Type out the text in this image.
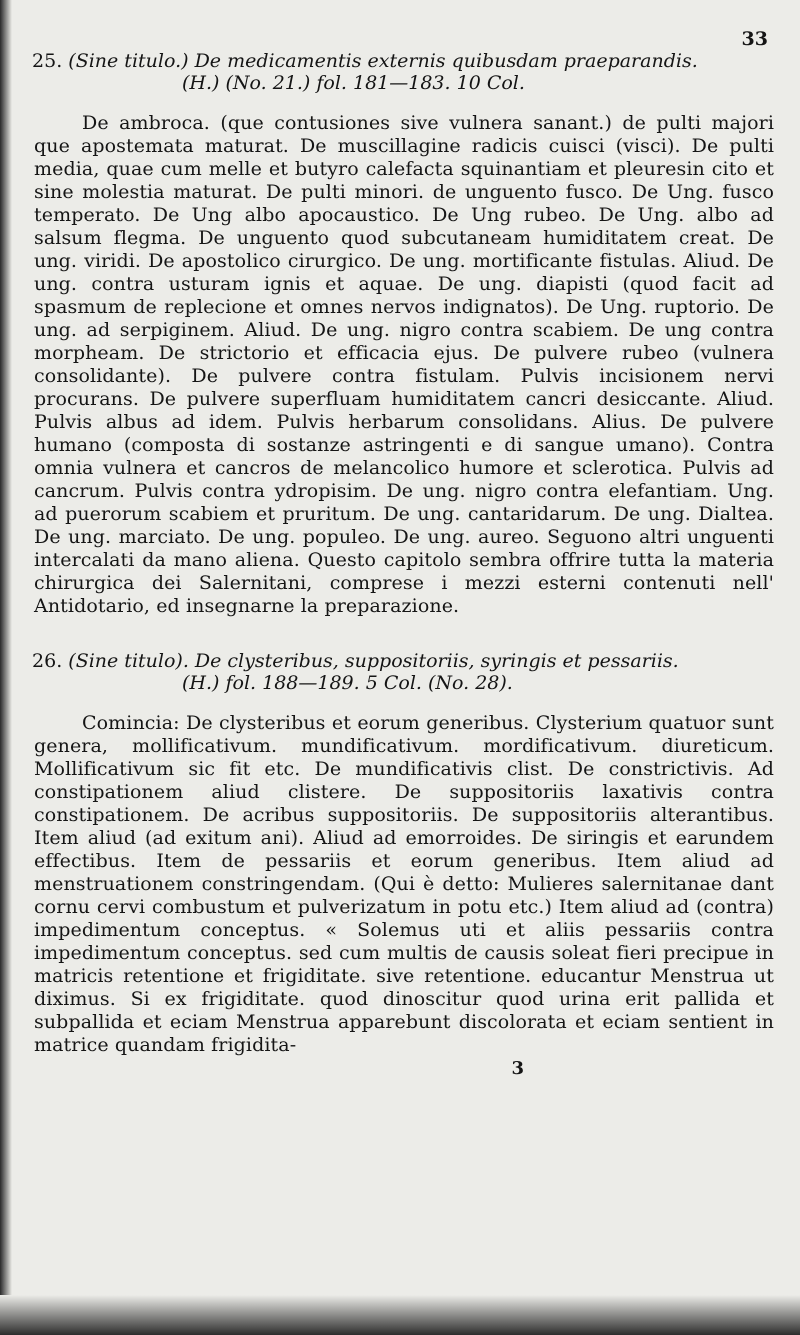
33
25. (Sine titulo.) De medicamentis externis quibusdam praeparandis.
(H.) (No. 21.) fol. 181—183. 10 Col.

De ambroca. (que contusiones sive vulnera sanant.) de pulti majori que apostemata maturat. De muscillagine radicis cuisci (visci). De pulti media, quae cum melle et butyro calefacta squinantiam et pleuresin cito et sine molestia maturat. De pulti minori. de unguento fusco. De Ung. fusco temperato. De Ung albo apocaustico. De Ung rubeo. De Ung. albo ad salsum flegma. De unguento quod subcutaneam humiditatem creat. De ung. viridi. De apostolico cirurgico. De ung. mortificante fistulas. Aliud. De ung. contra usturam ignis et aquae. De ung. diapisti (quod facit ad spasmum de replecione et omnes nervos indignatos). De Ung. ruptorio. De ung. ad serpiginem. Aliud. De ung. nigro contra scabiem. De ung contra morpheam. De strictorio et efficacia ejus. De pulvere rubeo (vulnera consolidante). De pulvere contra fistulam. Pulvis incisionem nervi procurans. De pulvere superfluam humiditatem cancri desiccante. Aliud. Pulvis albus ad idem. Pulvis herbarum consolidans. Alius. De pulvere humano (composta di sostanze astringenti e di sangue umano). Contra omnia vulnera et cancros de melancolico humore et sclerotica. Pulvis ad cancrum. Pulvis contra ydropisim. De ung. nigro contra elefantiam. Ung. ad puerorum scabiem et pruritum. De ung. cantaridarum. De ung. Dialtea. De ung. marciato. De ung. populeo. De ung. aureo. Seguono altri unguenti intercalati da mano aliena. Questo capitolo sembra offrire tutta la materia chirurgica dei Salernitani, comprese i mezzi esterni contenuti nell' Antidotario, ed insegnarne la preparazione.

26. (Sine titulo). De clysteribus, suppositoriis, syringis et pessariis.
(H.) fol. 188—189. 5 Col. (No. 28).

Comincia: De clysteribus et eorum generibus. Clysterium quatuor sunt genera, mollificativum. mundificativum. mordificativum. diureticum. Mollificativum sic fit etc. De mundificativis clist. De constrictivis. Ad constipationem aliud clistere. De suppositoriis laxativis contra constipationem. De acribus suppositoriis. De suppositoriis alterantibus. Item aliud (ad exitum ani). Aliud ad emorroides. De siringis et earundem effectibus. Item de pessariis et eorum generibus. Item aliud ad menstruationem constringendam. (Qui è detto: Mulieres salernitanae dant cornu cervi combustum et pulverizatum in potu etc.) Item aliud ad (contra) impedimentum conceptus. « Solemus uti et aliis pessariis contra impedimentum conceptus. sed cum multis de causis soleat fieri precipue in matricis retentione et frigiditate. sive retentione. educantur Menstrua ut diximus. Si ex frigiditate. quod dinoscitur quod urina erit pallida et subpallida et eciam Menstrua apparebunt discolorata et eciam sentient in matrice quandam frigidita-

3
